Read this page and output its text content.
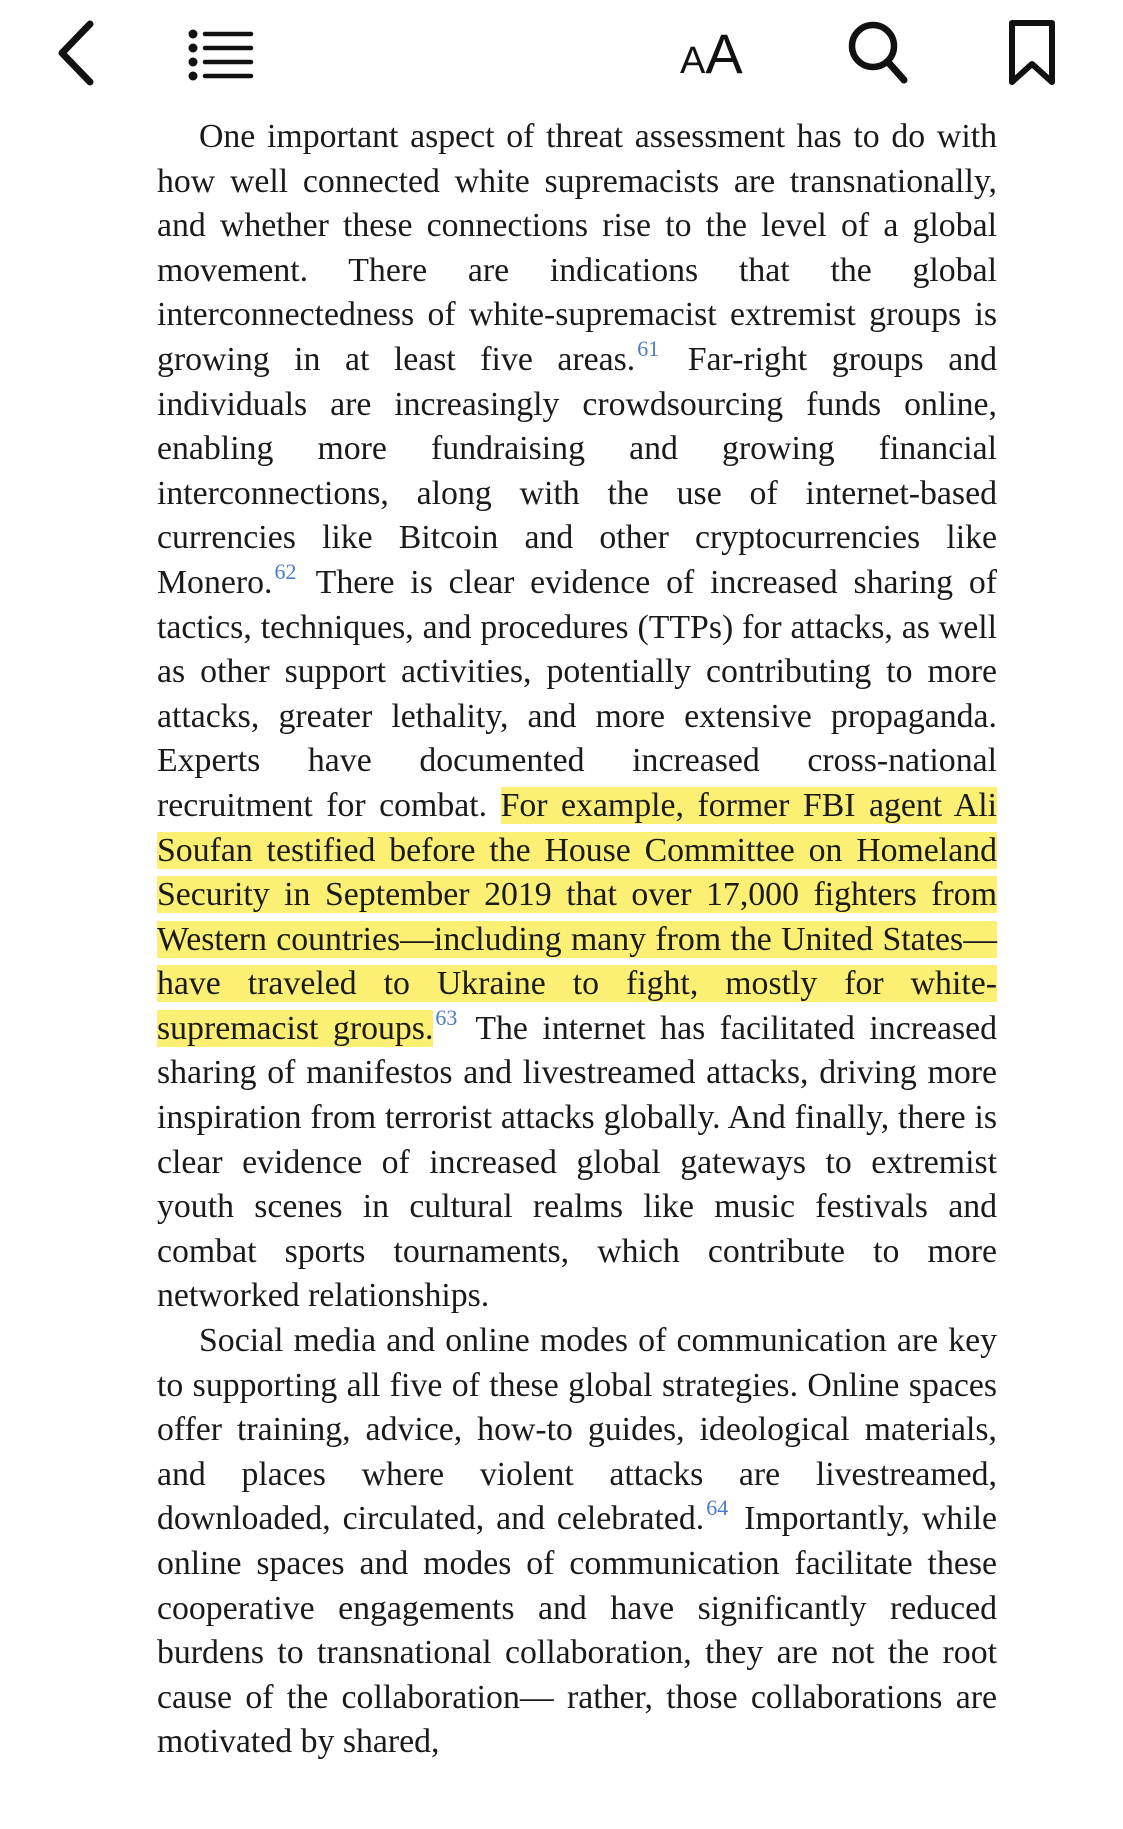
AA

One important aspect of threat assessment has to do with how well connected white supremacists are transnationally, and whether these connections rise to the level of a global movement. There are indications that the global interconnectedness of white-supremacist extremist groups is growing in at least five areas.$^{61}$ Far-right groups and individuals are increasingly crowdsourcing funds online, enabling more fundraising and growing financial interconnections, along with the use of internet-based currencies like Bitcoin and other cryptocurrencies like Monero.$^{62}$ There is clear evidence of increased sharing of tactics, techniques, and procedures (TTPs) for attacks, as well as other support activities, potentially contributing to more attacks, greater lethality, and more extensive propaganda. Experts have documented increased cross-national recruitment for combat. For example, former FBI agent Ali Soufan testified before the House Committee on Homeland Security in September 2019 that over 17,000 fighters from Western countries—including many from the United States—have traveled to Ukraine to fight, mostly for white-supremacist groups.$^{63}$ The internet has facilitated increased sharing of manifestos and livestreamed attacks, driving more inspiration from terrorist attacks globally. And finally, there is clear evidence of increased global gateways to extremist youth scenes in cultural realms like music festivals and combat sports tournaments, which contribute to more networked relationships.

Social media and online modes of communication are key to supporting all five of these global strategies. Online spaces offer training, advice, how-to guides, ideological materials, and places where violent attacks are livestreamed, downloaded, circulated, and celebrated.$^{64}$ Importantly, while online spaces and modes of communication facilitate these cooperative engagements and have significantly reduced burdens to transnational collaboration, they are not the root cause of the collaboration— rather, those collaborations are motivated by shared,
